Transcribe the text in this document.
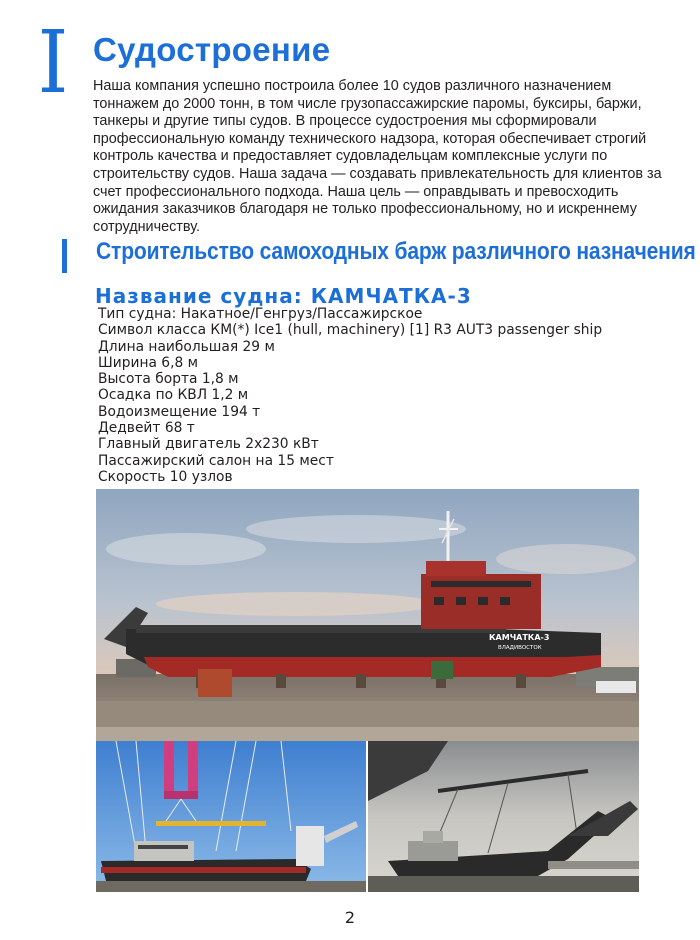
I Судостроение

Наша компания успешно построила более 10 судов различного назначением тоннажем до 2000 тонн, в том числе грузопассажирские паромы, буксиры, баржи, танкеры и другие типы судов. В процессе судостроения мы сформировали профессиональную команду технического надзора, которая обеспечивает строгий контроль качества и предоставляет судовладельцам комплексные услуги по строительству судов. Наша задача — создавать привлекательность для клиентов за счет профессионального подхода. Наша цель — оправдывать и превосходить ожидания заказчиков благодаря не только профессиональному, но и искреннему сотрудничеству.

Строительство самоходных барж различного назначения
Название судна: КАМЧАТКА-3
Тип судна: Накатное/Генгруз/Пассажирское
Символ класса КМ(*) Ice1 (hull, machinery) [1] R3 AUT3 passenger ship
Длина наибольшая 29 м
Ширина 6,8 м
Высота борта 1,8 м
Осадка по КВЛ 1,2 м
Водоизмещение 194 т
Дедвейт 68 т
Главный двигатель 2х230 кВт
Пассажирский салон на 15 мест
Скорость 10 узлов
КАМЧАТКА-3
ВЛАДИВОСТОК
2
